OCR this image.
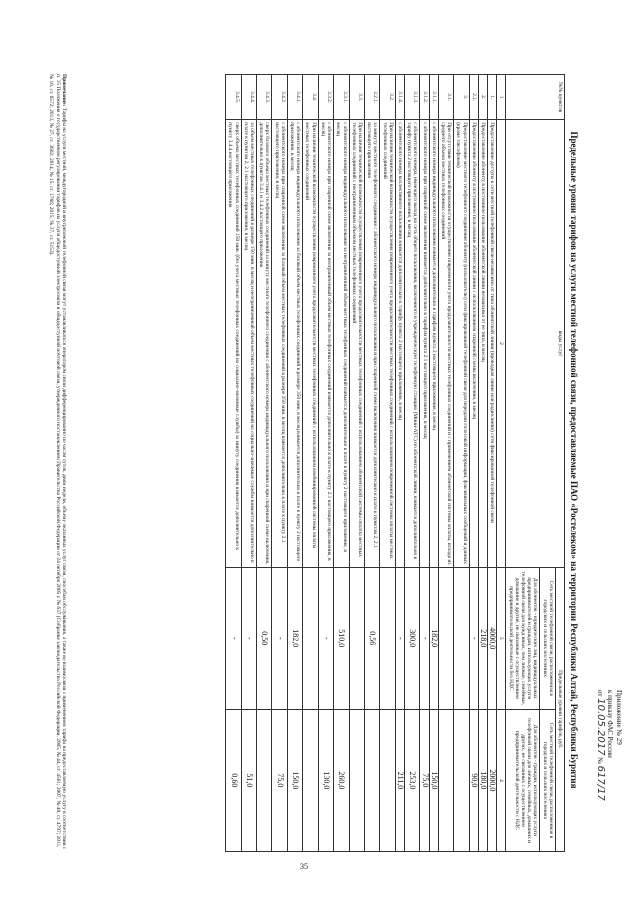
Приложение № 29
к приказу ФАС России
от 10.05.2017 № 617/17
Предельные уровни тарифов на услуги местной телефонной связи, предоставляемые ПАО «Ростелеком» на территории Республики Алтай, Республики Бурятия
№№ пунктов	виды услуг	Предельные уровни тарифов, руб.	
		Сеть местной телефонной связи, расположенная в городских и сельских поселениях	Сеть местной телефонной связи, расположенная в городских и сельских поселениях
		Для абонентов - юридических лиц, индивидуальных предпринимателей и граждан, использующих услуги телефонной связи для нужд иных, чем личные, семейные, домашние и другие, не связанные с осуществлением предпринимательской деятельности без НДС	Для абонентов - граждан, использующих услуги телефонной связи для личных, семейных, домашних и других, не связанных с осуществлением предпринимательской деятельности с НДС
1	2	3	4
1.	Предоставление доступа к сети местной телефонной связи независимо от типа абонентской линии (проводная линия или радиолиния) сети фиксированной телефонной связи	4000,0	2000,0
2.	Предоставление абоненту в постоянное пользование абонентской линии независимо от ее типа, в месяц	218,0	180,0
2.1.	Предоставление абоненту в постоянное пользование абонентской линии с использованием спаренной схемы включения, в месяц	-	90,0
3.	Предоставление местного телефонного соединения абоненту (пользователю) сети фиксированной телефонной связи для передачи голосовой информации, факсимильных сообщений и данных (кроме таксофонов)		
3.1.	При отсутствии технической возможности осуществления повременного учета продолжительности местных телефонных соединений и с применением абонентской системы оплаты, исходя из среднего объема местных телефонных соединений		
3.1.1.	с абонентского номера индивидуального пользования взимается дополнительно к тарифам пункта 2 настоящего приложения, в месяц	182,0	150,0
3.1.2.	с абонентского номера при спаренной схеме включения взимается дополнительно к тарифам пункта 2.1 настоящего приложения, в месяц	-	75,0
3.1.3.	с абонентского номера, имеющего выход на сеть общего пользования, включенного в учрежденческую телефонную станцию (Мини-АТС) по абонентской линии, взимается дополнительно к тарифу пункта 2 настоящего приложения, в месяц	300,0	253,0
3.1.4.	с абонентского номера коллективного пользования взимается дополнительно к тарифу пункта 2 настоящего приложения, в месяц	-	211,0
3.2.	При наличии технической возможности осуществления повременного учета продолжительности местных телефонных соединений с использованием повременной системы оплаты местных телефонных соединений		
3.2.1.	за минуту местного телефонного соединения с абонентского номера индивидуального пользования и при спаренной схеме включения взимается дополнительно к плате к пунктам 2, 2.1 настоящего приложения	0,56	
3.3.	При наличии технической возможности осуществления повременного учета продолжительности местных телефонных соединений с использованием абонентской системы оплаты местных телефонных соединений с неограниченным объемом местных телефонных соединений		
3.3.1.	с абонентского номера индивидуального пользования за неограниченный объем местных телефонных соединений взимается дополнительно к плате к пункту 2 настоящего приложения, в месяц	510,0	260,0
3.3.2.	с абонентского номера при спаренной схеме включения за неограниченный объем местных телефонных соединений взимается дополнительно к плате к пункту 2.1 настоящего приложения, в месяц	-	130,0
3.4.	При наличии технической возможности осуществления повременного учета продолжительности местных телефонных соединений с использованием комбинированной системы оплаты местных телефонных соединений		
3.4.1.	с абонентского номера индивидуального пользования за базовый объем местных телефонных соединений в размере 350 мин. в месяц взимается дополнительно к плате к пункту 2 настоящего приложения, в месяц	182,0	150,0
3.4.2.	с абонентского номера при спаренной схеме включения за базовый объем местных телефонных соединений в размере 350 мин. в месяц взимается дополнительно к плате к пункту 2.1 настоящего приложения, в месяц	-	75,0
3.4.3.	сверх базового объема местных телефонных соединений за минуту местного телефонного соединения с абонентского номера индивидуального пользования и при спаренной схеме включения, дополнительно к пунктам 3.4.1 и 3.4.2 настоящего приложения	0,50	
3.4.4.	за объем местных телефонных соединений в размере 150 мин. в месяц и неограниченный объем местных телефонных соединений на социально-значимые службы взимается дополнительно к плате к пунктам 2, 2.1 настоящего приложения, в месяц	-	51,0
3.4.5.	сверх объема местных телефонных соединений 150 мин. (без учета местных телефонных соединений на социально-значимые службы) за минуту соединения взимается дополнительно к пункту 3.4.4 настоящего приложения	-	0,60
Примечание: Тарифы на услуги местной, междугородной и внутризоновой телефонной связи могут устанавливаться оператором связи дифференцированно по часам суток, дням недели, объему оказанных услуг связи, способам обслуживания, а также во взаимосвязи с применением тарифа на предоставляемую услугу в соответствии с п. 15 Положения о государственном регулировании тарифов на услуги общедоступной электросвязи и общедоступной почтовой связи, утвержденного постановлением Правительства Российской Федерации от 24 октября 2005 г. № 637 (Собрание законодательства Российской Федерации, 2005, № 44, ст. 4561; 2007, № 40, ст. 4797; 2011, № 16, ст. 6572; 2013, № 27, ст. 3602; 2014, № 15, ст. 1766; 2015, № 37, ст. 5153).
35
